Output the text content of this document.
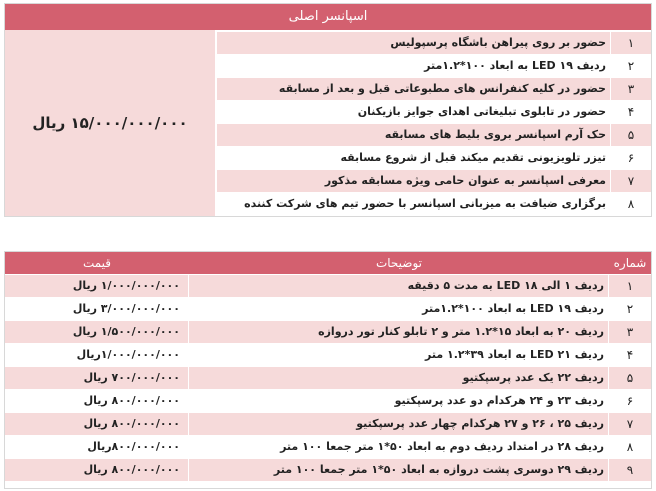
اسپانسر اصلی
۱۵/۰۰۰/۰۰۰/۰۰۰ ریال
۱
حضور بر روی پیراهن باشگاه پرسپولیس
۲
ردیف ۱۹ LED به ابعاد ۱۰۰*۱.۲متر
۳
حضور در کلیه کنفرانس های مطبوعاتی قبل و بعد از مسابقه
۴
حضور در تابلوی تبلیغاتی اهدای جوایز بازیکنان
۵
حک آرم اسپانسر بروی بلیط های مسابقه
۶
تیزر تلویزیونی تقدیم میکند قبل از شروع مسابقه
۷
معرفی اسپانسر به عنوان حامی ویژه مسابقه مذکور
۸
برگزاری ضیافت به میزبانی اسپانسر با حضور تیم های شرکت کننده
شماره
توضیحات
قیمت
۱
ردیف ۱ الی ۱۸ LED به مدت ۵ دقیقه
۱/۰۰۰/۰۰۰/۰۰۰ ریال
۲
ردیف ۱۹ LED به ابعاد ۱۰۰*۱.۲متر
۳/۰۰۰/۰۰۰/۰۰۰ ریال
۳
ردیف ۲۰ به ابعاد ۱۵*۱.۲ متر و ۲ تابلو کنار تور دروازه
۱/۵۰۰/۰۰۰/۰۰۰ ریال
۴
ردیف ۲۱ LED به ابعاد ۳۹*۱.۲ متر
۱/۰۰۰/۰۰۰/۰۰۰ریال
۵
ردیف ۲۲ یک عدد پرسپکتیو
۷۰۰/۰۰۰/۰۰۰ ریال
۶
ردیف ۲۳ و ۲۴ هرکدام دو عدد پرسپکتیو
۸۰۰/۰۰۰/۰۰۰ ریال
۷
ردیف ۲۵ ، ۲۶ و ۲۷ هرکدام چهار عدد پرسپکتیو
۸۰۰/۰۰۰/۰۰۰ ریال
۸
ردیف ۲۸ در امتداد ردیف دوم به ابعاد ۵۰*۱ متر جمعا ۱۰۰ متر
۸۰۰/۰۰۰/۰۰۰ریال
۹
ردیف ۲۹ دوسری پشت دروازه به ابعاد ۵۰*۱ متر جمعا ۱۰۰ متر
۸۰۰/۰۰۰/۰۰۰ ریال
